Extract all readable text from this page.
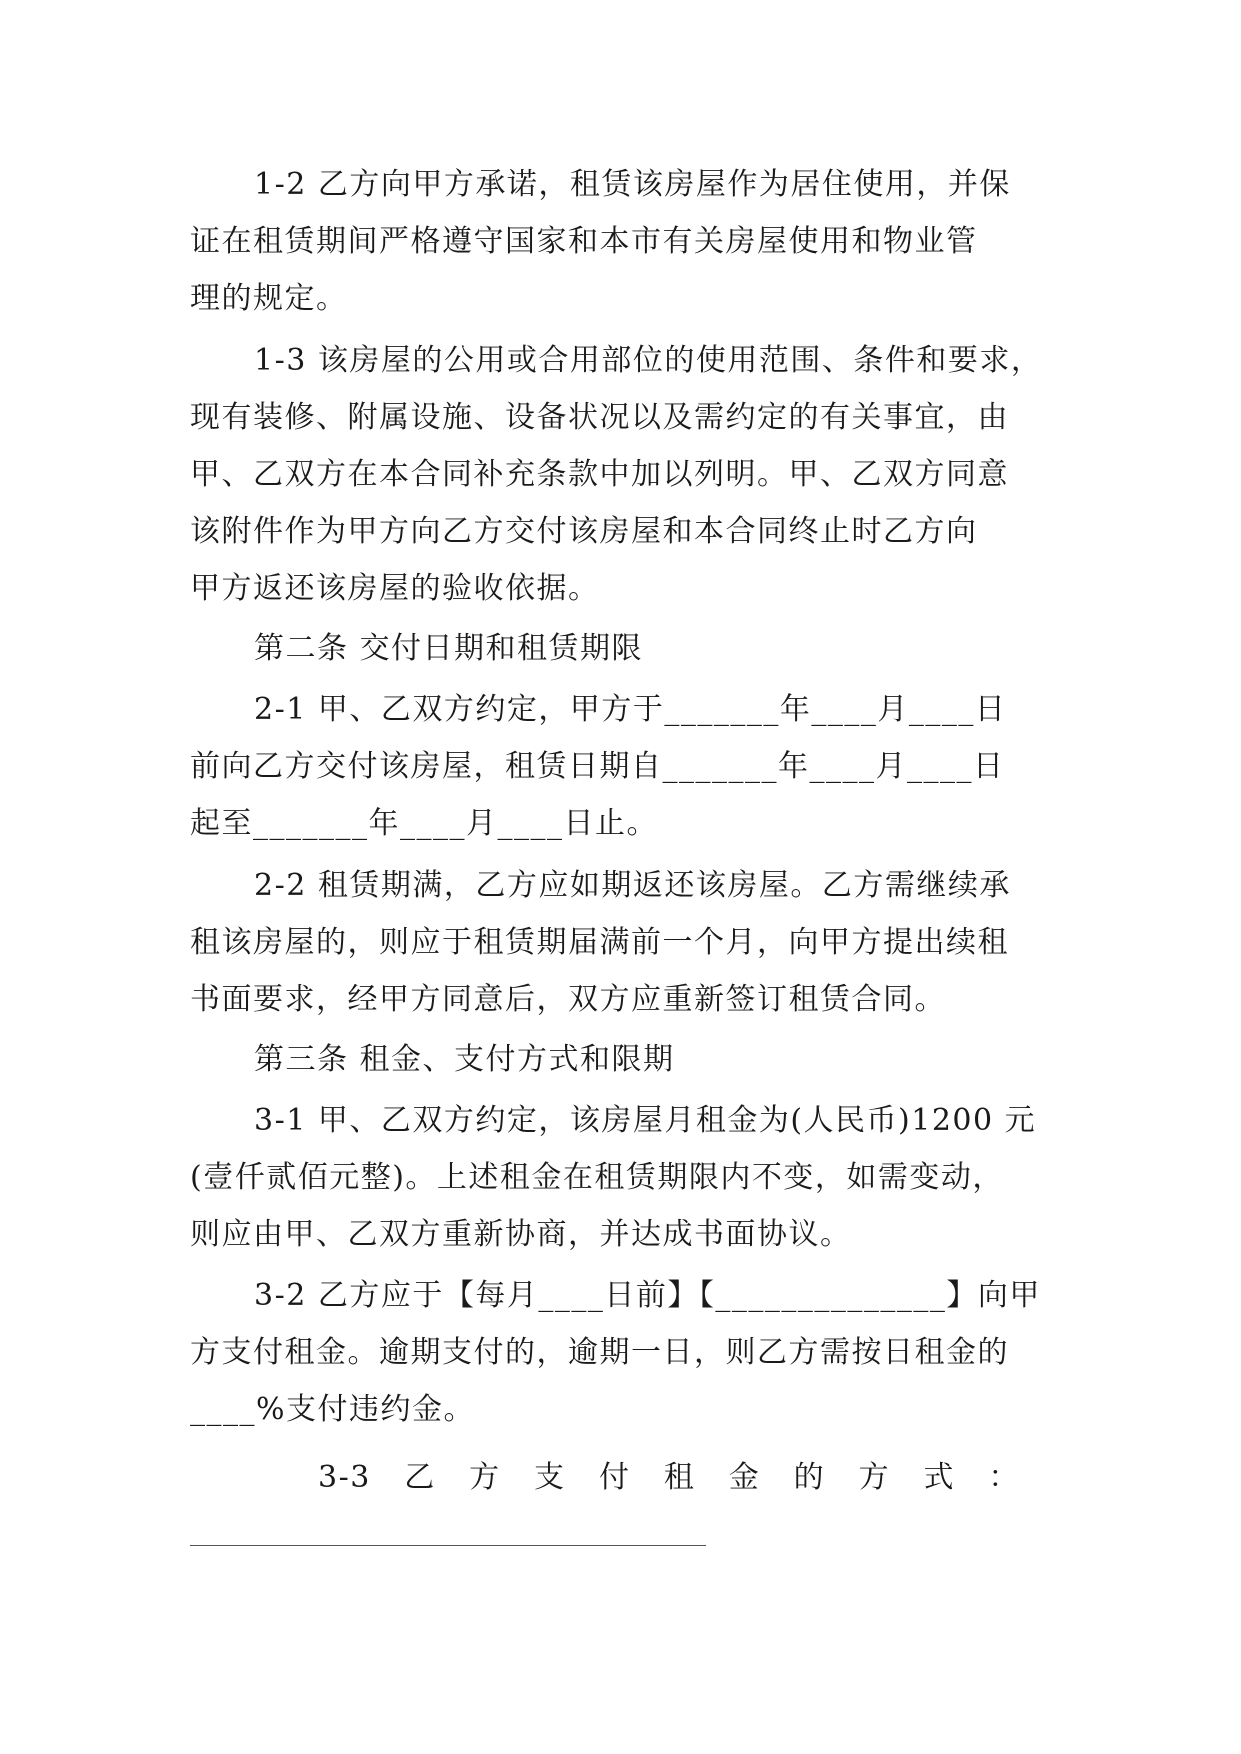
1-2 乙方向甲方承诺，租赁该房屋作为居住使用，并保
证在租赁期间严格遵守国家和本市有关房屋使用和物业管
理的规定。
1-3 该房屋的公用或合用部位的使用范围、条件和要求，
现有装修、附属设施、设备状况以及需约定的有关事宜，由
甲、乙双方在本合同补充条款中加以列明。甲、乙双方同意
该附件作为甲方向乙方交付该房屋和本合同终止时乙方向
甲方返还该房屋的验收依据。
第二条 交付日期和租赁期限
2-1 甲、乙双方约定，甲方于_______年____月____日
前向乙方交付该房屋，租赁日期自_______年____月____日
起至_______年____月____日止。
2-2 租赁期满，乙方应如期返还该房屋。乙方需继续承
租该房屋的，则应于租赁期届满前一个月，向甲方提出续租
书面要求，经甲方同意后，双方应重新签订租赁合同。
第三条 租金、支付方式和限期
3-1 甲、乙双方约定，该房屋月租金为(人民币)1200 元
(壹仟贰佰元整)。上述租金在租赁期限内不变，如需变动，
则应由甲、乙双方重新协商，并达成书面协议。
3-2 乙方应于【每月____日前】【______________】向甲
方支付租金。逾期支付的，逾期一日，则乙方需按日租金的
____%支付违约金。
3-3 乙 方 支 付 租 金 的 方 式 ：
